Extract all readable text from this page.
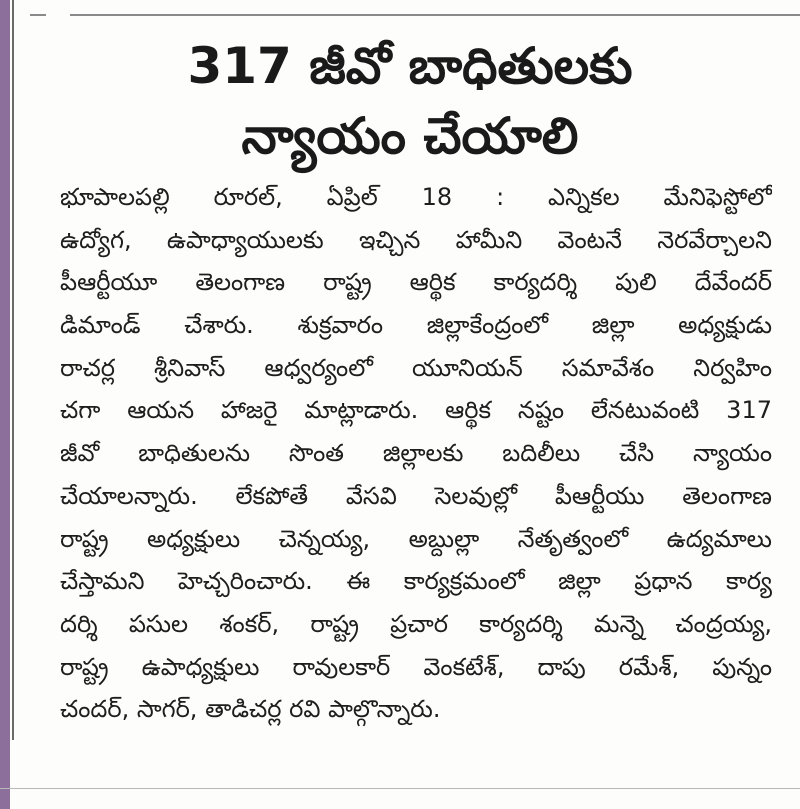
317 జీవో బాధితులకు
న్యాయం చేయాలి
భూపాలపల్లి రూరల్, ఏప్రిల్ 18 : ఎన్నికల మేనిఫెస్టోలో
ఉద్యోగ, ఉపాధ్యాయులకు ఇచ్చిన హామీని వెంటనే నెరవేర్చాలని
పీఆర్టీయూ తెలంగాణ రాష్ట్ర ఆర్థిక కార్యదర్శి పులి దేవేందర్
డిమాండ్ చేశారు. శుక్రవారం జిల్లాకేంద్రంలో జిల్లా అధ్యక్షుడు
రాచర్ల శ్రీనివాస్ ఆధ్వర్యంలో యూనియన్ సమావేశం నిర్వహిం
చగా ఆయన హాజరై మాట్లాడారు. ఆర్థిక నష్టం లేనటువంటి 317
జీవో బాధితులను సొంత జిల్లాలకు బదిలీలు చేసి న్యాయం
చేయాలన్నారు. లేకపోతే వేసవి సెలవుల్లో పీఆర్టీయు తెలంగాణ
రాష్ట్ర అధ్యక్షులు చెన్నయ్య, అబ్దుల్లా నేతృత్వంలో ఉద్యమాలు
చేస్తామని హెచ్చరించారు. ఈ కార్యక్రమంలో జిల్లా ప్రధాన కార్య
దర్శి పసుల శంకర్, రాష్ట్ర ప్రచార కార్యదర్శి మన్నె చంద్రయ్య,
రాష్ట్ర ఉపాధ్యక్షులు రావులకార్ వెంకటేశ్, దాపు రమేశ్, పున్నం
చందర్, సాగర్, తాడిచర్ల రవి పాల్గొన్నారు.
